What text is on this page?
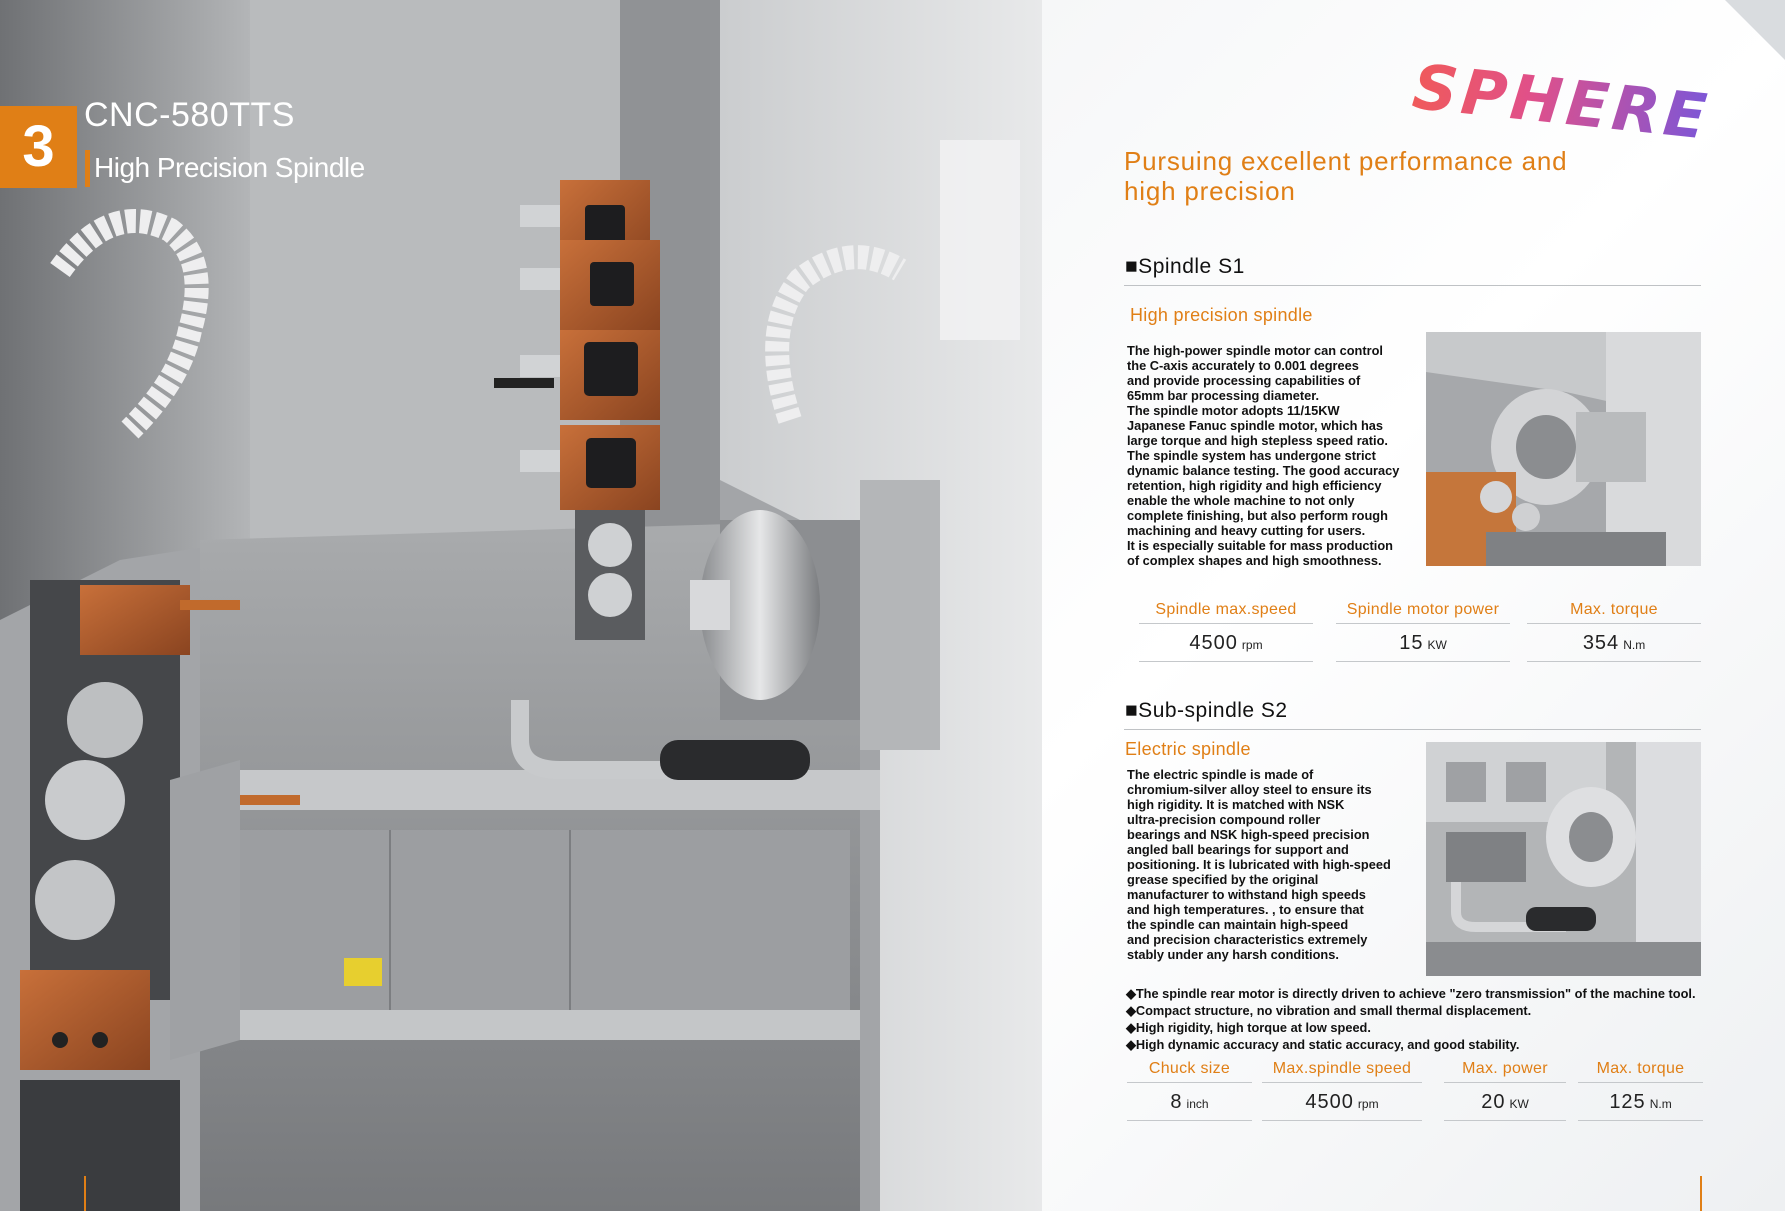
3 CNC-580TTS
High Precision Spindle
SPHERE
Pursuing excellent performance and high precision
■Spindle S1
High precision spindle
The high-power spindle motor can control
the C-axis accurately to 0.001 degrees
and provide processing capabilities of
65mm bar processing diameter.
The spindle motor adopts 11/15KW
Japanese Fanuc spindle motor, which has
large torque and high stepless speed ratio.
The spindle system has undergone strict
dynamic balance testing. The good accuracy
retention, high rigidity and high efficiency
enable the whole machine to not only
complete finishing, but also perform rough
machining and heavy cutting for users.
It is especially suitable for mass production
of complex shapes and high smoothness.
Spindle max.speed
4500 rpm
Spindle motor power
15 KW
Max. torque
354 N.m
■Sub-spindle S2
Electric spindle
The electric spindle is made of
chromium-silver alloy steel to ensure its
high rigidity. It is matched with NSK
ultra-precision compound roller
bearings and NSK high-speed precision
angled ball bearings for support and
positioning. It is lubricated with high-speed
grease specified by the original
manufacturer to withstand high speeds
and high temperatures. , to ensure that
the spindle can maintain high-speed
and precision characteristics extremely
stably under any harsh conditions.
◆The spindle rear motor is directly driven to achieve "zero transmission" of the machine tool.
◆Compact structure, no vibration and small thermal displacement.
◆High rigidity, high torque at low speed.
◆High dynamic accuracy and static accuracy, and good stability.
Chuck size
8 inch
Max.spindle speed
4500 rpm
Max. power
20 KW
Max. torque
125 N.m
